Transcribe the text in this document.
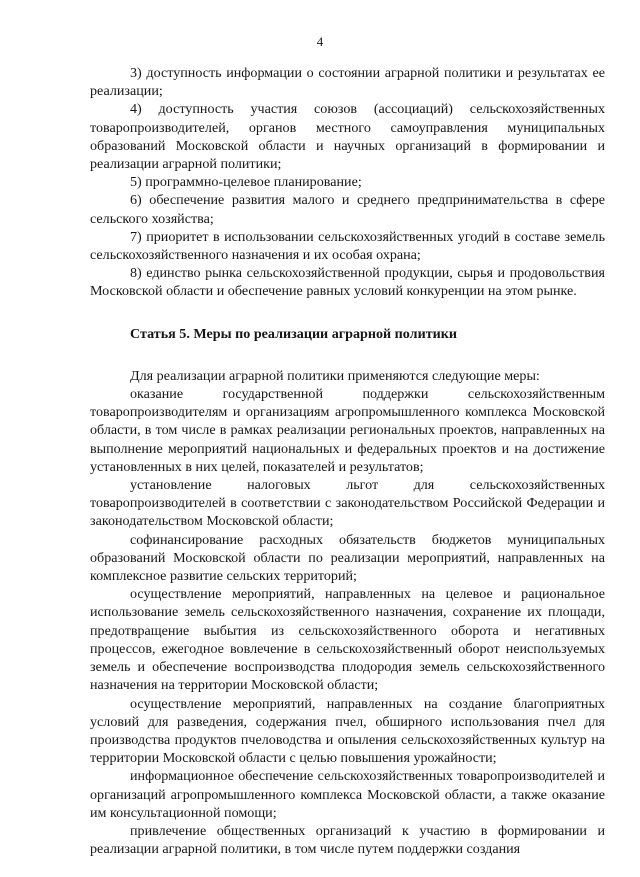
4

3) доступность информации о состоянии аграрной политики и результатах ее реализации;

4) доступность участия союзов (ассоциаций) сельскохозяйственных товаропроизводителей, органов местного самоуправления муниципальных образований Московской области и научных организаций в формировании и реализации аграрной политики;

5) программно-целевое планирование;

6) обеспечение развития малого и среднего предпринимательства в сфере сельского хозяйства;

7) приоритет в использовании сельскохозяйственных угодий в составе земель сельскохозяйственного назначения и их особая охрана;

8) единство рынка сельскохозяйственной продукции, сырья и продовольствия Московской области и обеспечение равных условий конкуренции на этом рынке.

Статья 5. Меры по реализации аграрной политики

Для реализации аграрной политики применяются следующие меры:

оказание государственной поддержки сельскохозяйственным товаропроизводителям и организациям агропромышленного комплекса Московской области, в том числе в рамках реализации региональных проектов, направленных на выполнение мероприятий национальных и федеральных проектов и на достижение установленных в них целей, показателей и результатов;

установление налоговых льгот для сельскохозяйственных товаропроизводителей в соответствии с законодательством Российской Федерации и законодательством Московской области;

софинансирование расходных обязательств бюджетов муниципальных образований Московской области по реализации мероприятий, направленных на комплексное развитие сельских территорий;

осуществление мероприятий, направленных на целевое и рациональное использование земель сельскохозяйственного назначения, сохранение их площади, предотвращение выбытия из сельскохозяйственного оборота и негативных процессов, ежегодное вовлечение в сельскохозяйственный оборот неиспользуемых земель и обеспечение воспроизводства плодородия земель сельскохозяйственного назначения на территории Московской области;

осуществление мероприятий, направленных на создание благоприятных условий для разведения, содержания пчел, обширного использования пчел для производства продуктов пчеловодства и опыления сельскохозяйственных культур на территории Московской области с целью повышения урожайности;

информационное обеспечение сельскохозяйственных товаропроизводителей и организаций агропромышленного комплекса Московской области, а также оказание им консультационной помощи;

привлечение общественных организаций к участию в формировании и реализации аграрной политики, в том числе путем поддержки создания
